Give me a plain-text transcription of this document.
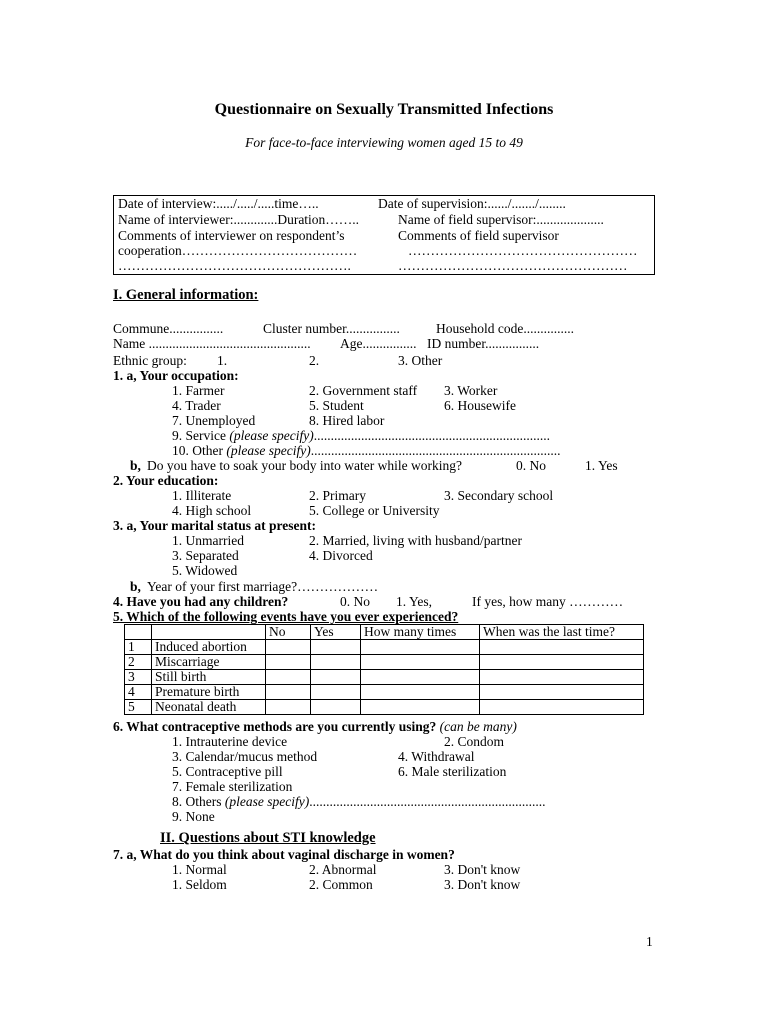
Questionnaire on Sexually Transmitted Infections
For face-to-face interviewing women aged 15 to 49
Date of interview:...../...../.....time…..	Date of supervision:....../......./........
Name of interviewer:.............Duration……..	Name of field supervisor:....................
Comments of interviewer on respondent’s	Comments of field supervisor
cooperation…………………………………	……………………………………………
…………………………………………….	……………………………………………
I. General information:
Commune................	Cluster number................	Household code...............
Name ................................................ Age................ ID number................
Ethnic group: 1.	2.	3. Other
1. a, Your occupation:
1. Farmer	2. Government staff 3. Worker
4. Trader	5. Student	6. Housewife
7. Unemployed	8. Hired labor
9. Service (please specify)......................................................................
10. Other (please specify)..........................................................................
b, Do you have to soak your body into water while working?	0. No	1. Yes
2. Your education:
1. Illiterate	2. Primary	3. Secondary school
4. High school	5. College or University
3. a, Your marital status at present:
1. Unmarried	2. Married, living with husband/partner
3. Separated	4. Divorced
5. Widowed
b, Year of your first marriage?………………
4. Have you had any children?	0. No 1. Yes,	If yes, how many …………
5. Which of the following events have you ever experienced?
		No	Yes	How many times	When was the last time?
1	Induced abortion				
2	Miscarriage				
3	Still birth				
4	Premature birth				
5	Neonatal death				
6. What contraceptive methods are you currently using? (can be many)
1. Intrauterine device	2. Condom
3. Calendar/mucus method	4. Withdrawal
5. Contraceptive pill	6. Male sterilization
7. Female sterilization
8. Others (please specify)......................................................................
9. None
II. Questions about STI knowledge
7. a, What do you think about vaginal discharge in women?
1. Normal	2. Abnormal	3. Don't know
1. Seldom	2. Common	3. Don't know
1
